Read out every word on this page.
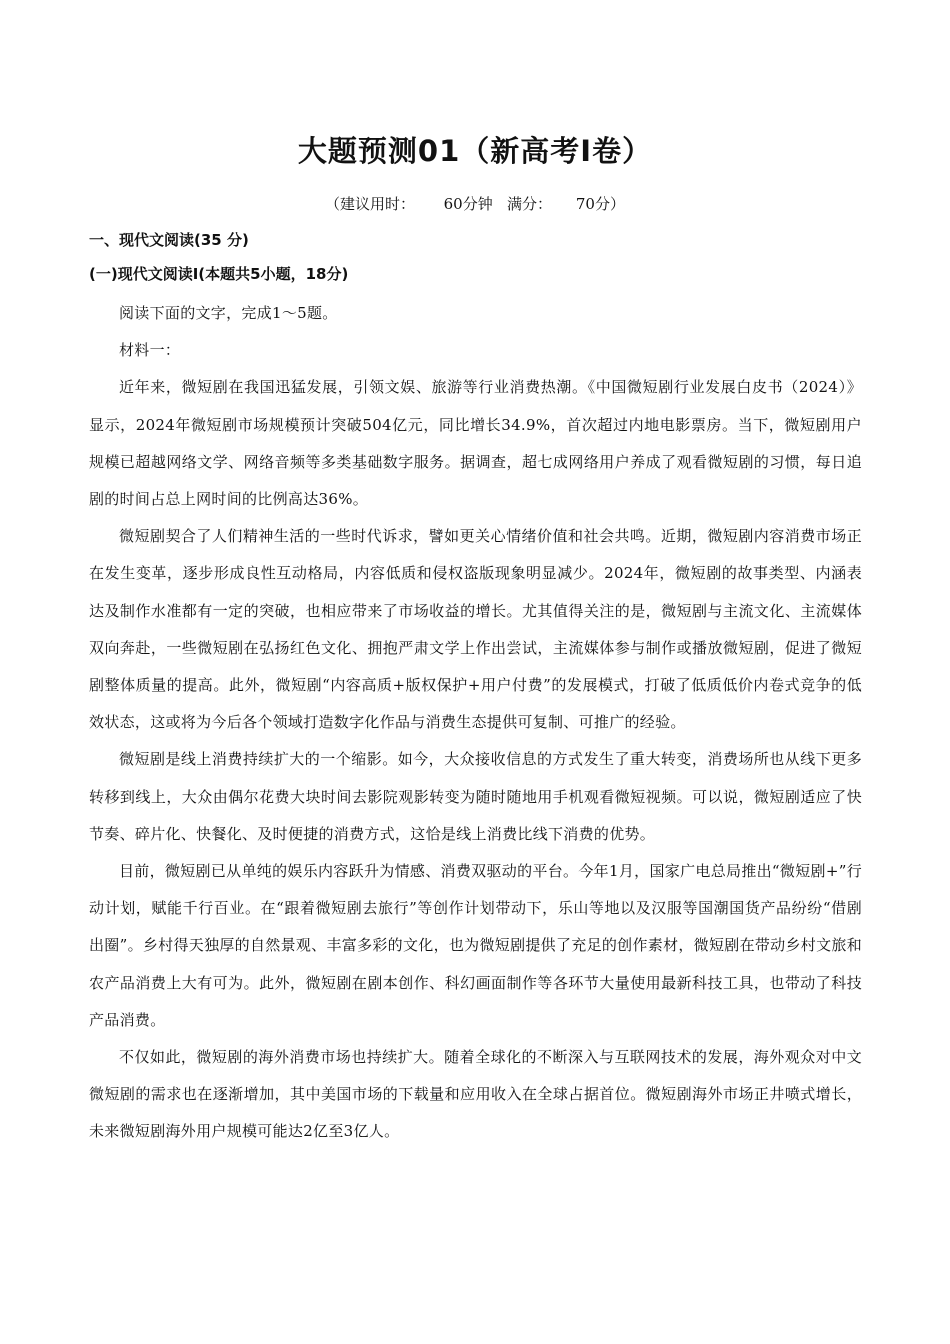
大题预测01（新高考Ⅰ卷）
（建议用时： 60分钟 满分： 70分）
一、现代文阅读(35 分)
(一)现代文阅读Ⅰ(本题共5小题，18分)

阅读下面的文字，完成1～5题。

材料一：

近年来，微短剧在我国迅猛发展，引领文娱、旅游等行业消费热潮。《中国微短剧行业发展白皮书（2024）》显示，2024年微短剧市场规模预计突破504亿元，同比增长34.9%，首次超过内地电影票房。当下，微短剧用户规模已超越网络文学、网络音频等多类基础数字服务。据调查，超七成网络用户养成了观看微短剧的习惯，每日追剧的时间占总上网时间的比例高达36%。

微短剧契合了人们精神生活的一些时代诉求，譬如更关心情绪价值和社会共鸣。近期，微短剧内容消费市场正在发生变革，逐步形成良性互动格局，内容低质和侵权盗版现象明显减少。2024年，微短剧的故事类型、内涵表达及制作水准都有一定的突破，也相应带来了市场收益的增长。尤其值得关注的是，微短剧与主流文化、主流媒体双向奔赴，一些微短剧在弘扬红色文化、拥抱严肃文学上作出尝试，主流媒体参与制作或播放微短剧，促进了微短剧整体质量的提高。此外，微短剧“内容高质+版权保护+用户付费”的发展模式，打破了低质低价内卷式竞争的低效状态，这或将为今后各个领域打造数字化作品与消费生态提供可复制、可推广的经验。

微短剧是线上消费持续扩大的一个缩影。如今，大众接收信息的方式发生了重大转变，消费场所也从线下更多转移到线上，大众由偶尔花费大块时间去影院观影转变为随时随地用手机观看微短视频。可以说，微短剧适应了快节奏、碎片化、快餐化、及时便捷的消费方式，这恰是线上消费比线下消费的优势。

目前，微短剧已从单纯的娱乐内容跃升为情感、消费双驱动的平台。今年1月，国家广电总局推出“微短剧+”行动计划，赋能千行百业。在“跟着微短剧去旅行”等创作计划带动下，乐山等地以及汉服等国潮国货产品纷纷“借剧出圈”。乡村得天独厚的自然景观、丰富多彩的文化，也为微短剧提供了充足的创作素材，微短剧在带动乡村文旅和农产品消费上大有可为。此外，微短剧在剧本创作、科幻画面制作等各环节大量使用最新科技工具，也带动了科技产品消费。

不仅如此，微短剧的海外消费市场也持续扩大。随着全球化的不断深入与互联网技术的发展，海外观众对中文微短剧的需求也在逐渐增加，其中美国市场的下载量和应用收入在全球占据首位。微短剧海外市场正井喷式增长，未来微短剧海外用户规模可能达2亿至3亿人。
